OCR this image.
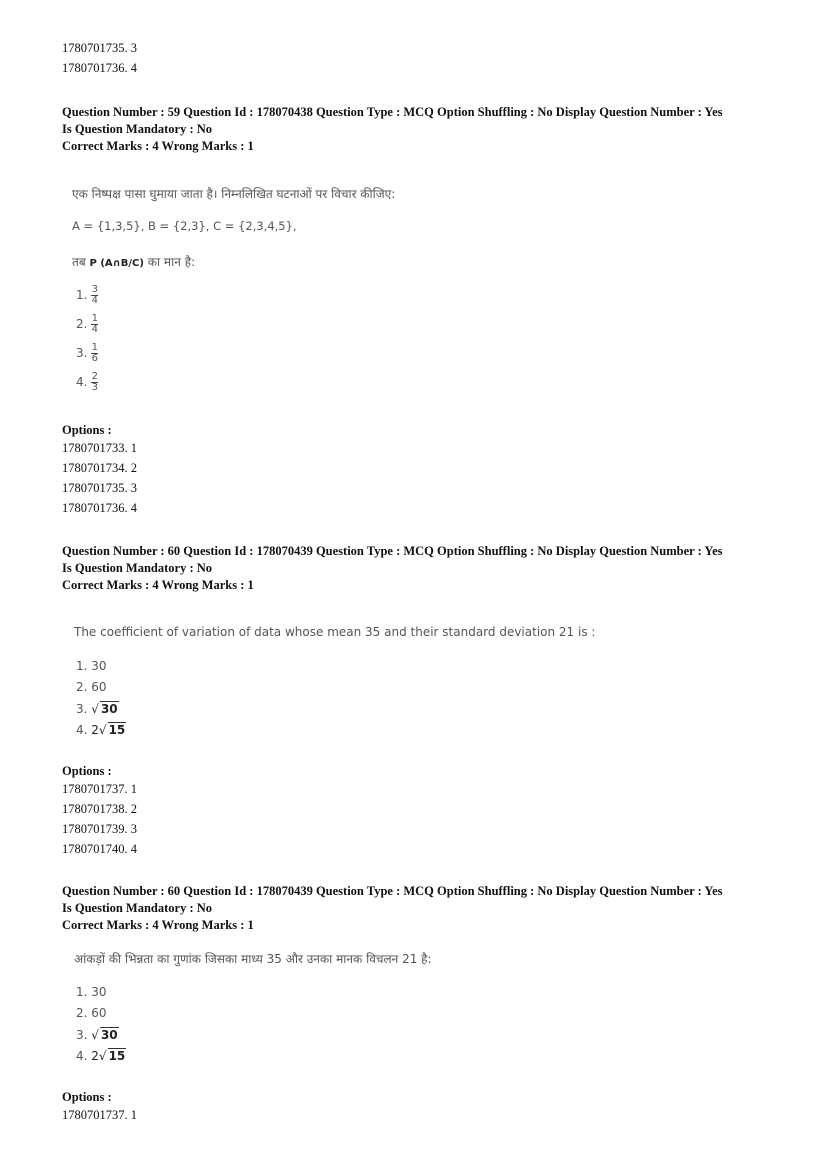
1780701735. 3
1780701736. 4
Question Number : 59 Question Id : 178070438 Question Type : MCQ Option Shuffling : No Display Question Number : Yes
Is Question Mandatory : No
Correct Marks : 4 Wrong Marks : 1
एक निष्पक्ष पासा घुमाया जाता है। निम्नलिखित घटनाओं पर विचार कीजिए:
A = {1,3,5}, B = {2,3}, C = {2,3,4,5},
तब P (A∩B/C) का मान है:
1. $\frac{3}{4}$
2. $\frac{1}{4}$
3. $\frac{1}{6}$
4. $\frac{2}{3}$
Options :
1780701733. 1
1780701734. 2
1780701735. 3
1780701736. 4
Question Number : 60 Question Id : 178070439 Question Type : MCQ Option Shuffling : No Display Question Number : Yes
Is Question Mandatory : No
Correct Marks : 4 Wrong Marks : 1
The coefficient of variation of data whose mean 35 and their standard deviation 21 is :
1. 30
2. 60
3. √ 30
4. 2√ 15
Options :
1780701737. 1
1780701738. 2
1780701739. 3
1780701740. 4
Question Number : 60 Question Id : 178070439 Question Type : MCQ Option Shuffling : No Display Question Number : Yes
Is Question Mandatory : No
Correct Marks : 4 Wrong Marks : 1
आंकड़ों की भिन्नता का गुणांक जिसका माध्य 35 और उनका मानक विचलन 21 है:
1. 30
2. 60
3. √ 30
4. 2√ 15
Options :
1780701737. 1
